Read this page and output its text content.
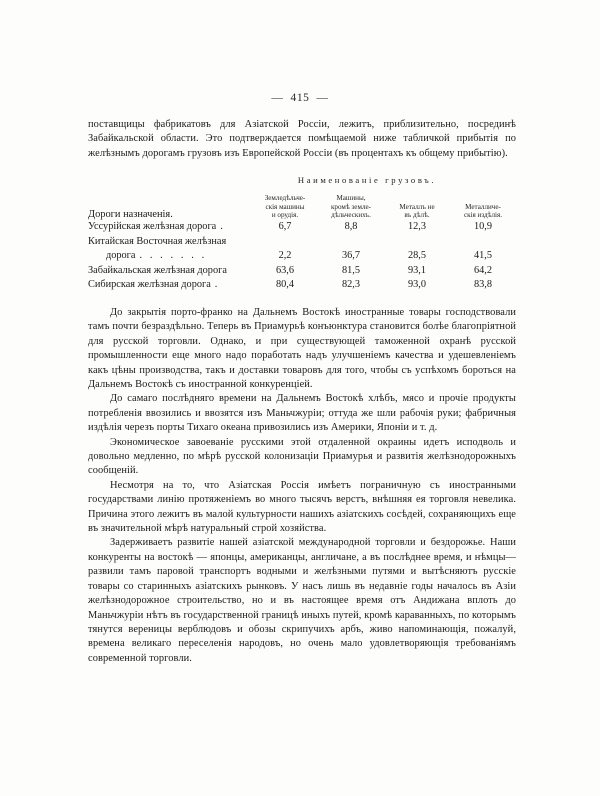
— 415 —

поставщицы фабрикатовъ для Азіатской Россіи, лежитъ, приблизительно, посрединѣ Забайкальской области. Это подтверждается помѣщаемой ниже табличкой прибытія по желѣзнымъ дорогамъ грузовъ изъ Европейской Россіи (въ процентахъ къ общему прибытію).

Наименованіе грузовъ.
Дороги назначенія.	
Земледѣльче-
скія машины
и орудія.

Машины,
кромѣ земле-
дѣльческихъ.

Металлъ не
въ дѣлѣ.

Металличе-
скія издѣлія.

Уссурійская желѣзная дорога .	6,7	8,8	12,3	10,9
Китайская Восточная желѣзная				
дорога . . . . . . .	2,2	36,7	28,5	41,5
Забайкальская желѣзная дорога	63,6	81,5	93,1	64,2
Сибирская желѣзная дорога .	80,4	82,3	93,0	83,8

До закрытія порто-франко на Дальнемъ Востокѣ иностранные товары господствовали тамъ почти безраздѣльно. Теперь въ Приамурьѣ конъюнктура становится болѣе благопріятной для русской торговли. Однако, и при существующей таможенной охранѣ русской промышленности еще много надо поработать надъ улучшеніемъ качества и удешевленіемъ какъ цѣны производства, такъ и доставки товаровъ для того, чтобы съ успѣхомъ бороться на Дальнемъ Востокѣ съ иностранной конкуренціей.

До самаго послѣдняго времени на Дальнемъ Востокѣ хлѣбъ, мясо и прочіе продукты потребленія ввозились и ввозятся изъ Маньчжуріи; оттуда же шли рабочія руки; фабричныя издѣлія черезъ порты Тихаго океана привозились изъ Америки, Японіи и т. д.

Экономическое завоеваніе русскими этой отдаленной окраины идетъ исподволь и довольно медленно, по мѣрѣ русской колонизаціи Приамурья и развитія желѣзнодорожныхъ сообщеній.

Несмотря на то, что Азіатская Россія имѣетъ пограничную съ иностранными государствами линію протяженіемъ во много тысячъ верстъ, внѣшняя ея торговля невелика. Причина этого лежитъ въ малой культурности нашихъ азіатскихъ сосѣдей, сохраняющихъ еще въ значительной мѣрѣ натуральный строй хозяйства.

Задерживаетъ развитіе нашей азіатской международной торговли и бездорожье. Наши конкуренты на востокѣ — японцы, американцы, англичане, а въ послѣднее время, и нѣмцы—развили тамъ паровой транспортъ водными и желѣзными путями и вытѣсняютъ русскіе товары со старинныхъ азіатскихъ рынковъ. У насъ лишь въ недавніе годы началось въ Азіи желѣзнодорожное строительство, но и въ настоящее время отъ Андижана вплоть до Маньчжуріи нѣтъ въ государственной границѣ иныхъ путей, кромѣ караванныхъ, по которымъ тянутся вереницы верблюдовъ и обозы скрипучихъ арбъ, живо напоминающія, пожалуй, времена великаго переселенія народовъ, но очень мало удовлетворяющія требованіямъ современной торговли.
